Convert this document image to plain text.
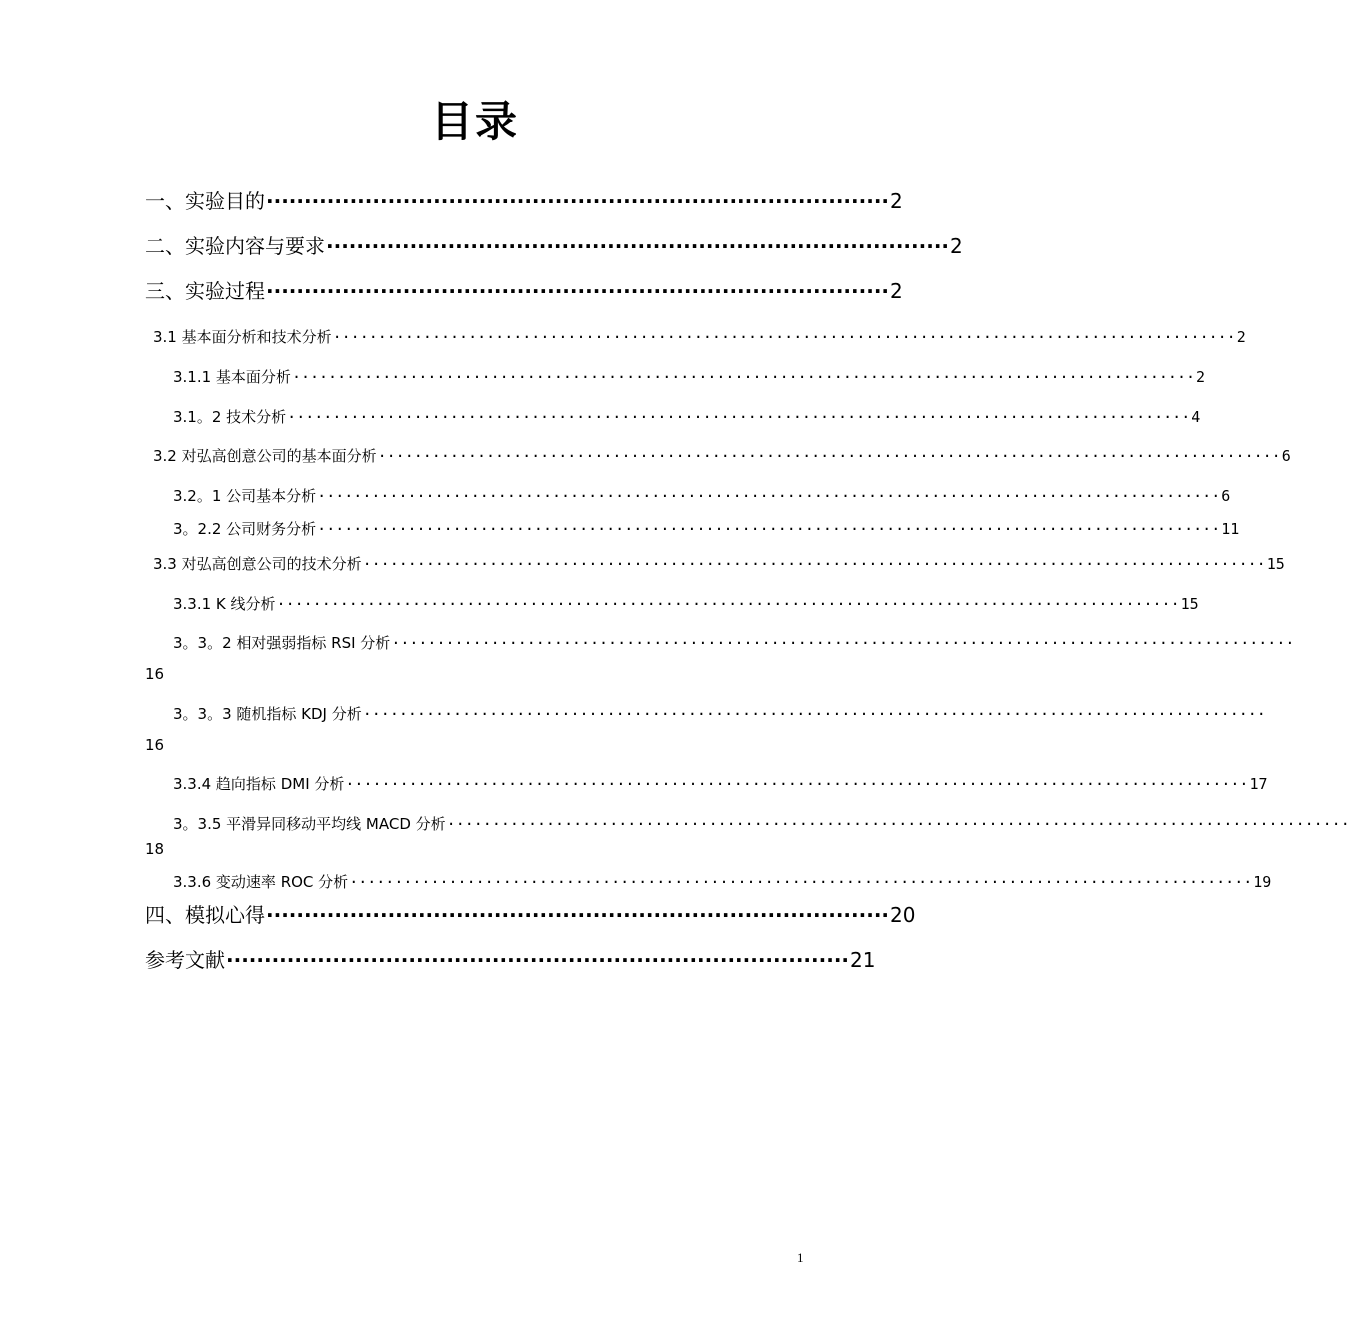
目录
一、实验目的 ·················································································· 2
二、实验内容与要求 ·················································································· 2
三、实验过程 ·················································································· 2
3.1 基本面分析和技术分析 ···································································································· 2
3.1.1 基本面分析 ···································································································· 2
3.1。2 技术分析 ···································································································· 4
3.2 对弘高创意公司的基本面分析 ···································································································· 6
3.2。1 公司基本分析 ···································································································· 6
3。2.2 公司财务分析 ···································································································· 11
3.3 对弘高创意公司的技术分析 ···································································································· 15
3.3.1 K 线分析 ···································································································· 15
3。3。2 相对强弱指标 RSI 分析 ····································································································
16
3。3。3 随机指标 KDJ 分析 ····································································································
16
3.3.4 趋向指标 DMI 分析 ···································································································· 17
3。3.5 平滑异同移动平均线 MACD 分析 ····································································································
18
3.3.6 变动速率 ROC 分析 ···································································································· 19
四、模拟心得 ·················································································· 20
参考文献 ·················································································· 21
1
